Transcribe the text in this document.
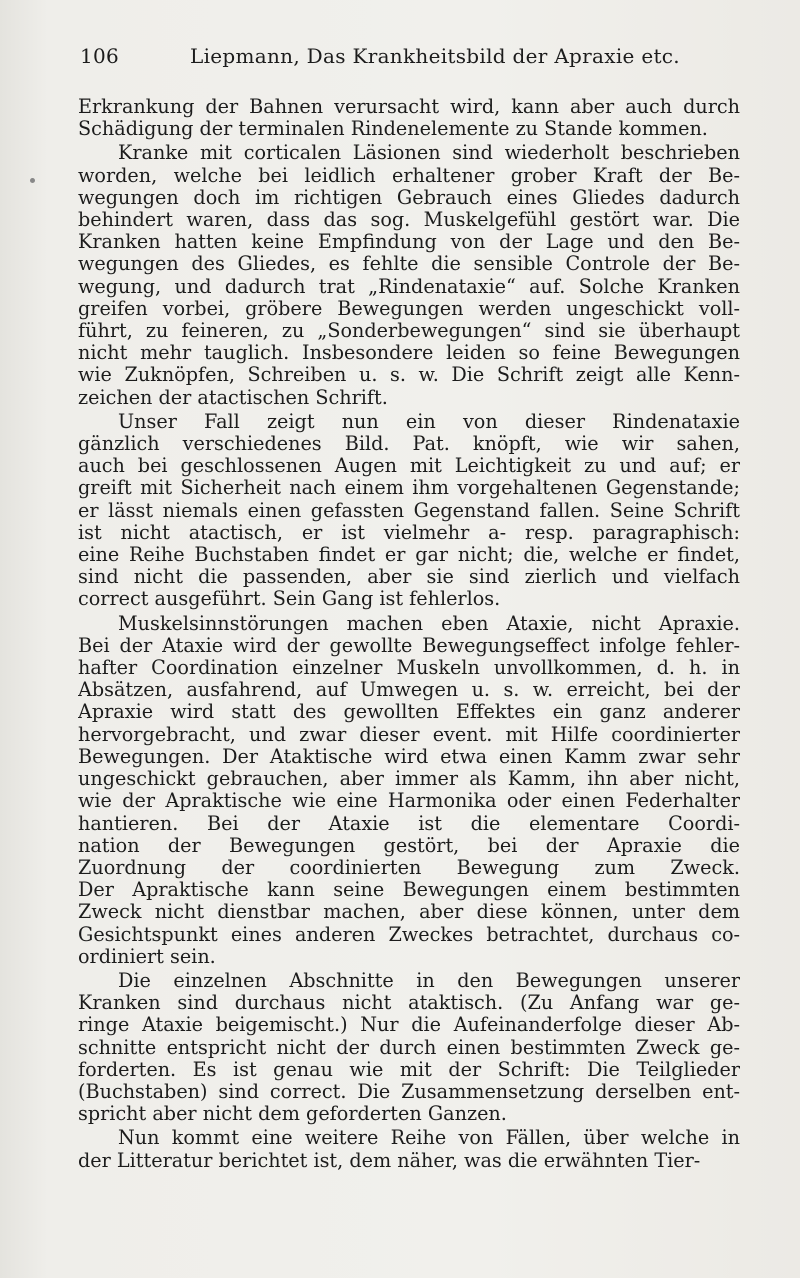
106	Liepmann, Das Krankheitsbild der Apraxie etc.
Erkrankung der Bahnen verursacht wird, kann aber auch durch
Schädigung der terminalen Rindenelemente zu Stande kommen.
Kranke mit corticalen Läsionen sind wiederholt beschrieben
worden, welche bei leidlich erhaltener grober Kraft der Be-
wegungen doch im richtigen Gebrauch eines Gliedes dadurch
behindert waren, dass das sog. Muskelgefühl gestört war. Die
Kranken hatten keine Empfindung von der Lage und den Be-
wegungen des Gliedes, es fehlte die sensible Controle der Be-
wegung, und dadurch trat „Rindenataxie“ auf. Solche Kranken
greifen vorbei, gröbere Bewegungen werden ungeschickt voll-
führt, zu feineren, zu „Sonderbewegungen“ sind sie überhaupt
nicht mehr tauglich. Insbesondere leiden so feine Bewegungen
wie Zuknöpfen, Schreiben u. s. w. Die Schrift zeigt alle Kenn-
zeichen der atactischen Schrift.
Unser Fall zeigt nun ein von dieser Rindenataxie
gänzlich verschiedenes Bild. Pat. knöpft, wie wir sahen,
auch bei geschlossenen Augen mit Leichtigkeit zu und auf; er
greift mit Sicherheit nach einem ihm vorgehaltenen Gegenstande;
er lässt niemals einen gefassten Gegenstand fallen. Seine Schrift
ist nicht atactisch, er ist vielmehr a- resp. paragraphisch:
eine Reihe Buchstaben findet er gar nicht; die, welche er findet,
sind nicht die passenden, aber sie sind zierlich und vielfach
correct ausgeführt. Sein Gang ist fehlerlos.
Muskelsinnstörungen machen eben Ataxie, nicht Apraxie.
Bei der Ataxie wird der gewollte Bewegungseffect infolge fehler-
hafter Coordination einzelner Muskeln unvollkommen, d. h. in
Absätzen, ausfahrend, auf Umwegen u. s. w. erreicht, bei der
Apraxie wird statt des gewollten Effektes ein ganz anderer
hervorgebracht, und zwar dieser event. mit Hilfe coordinierter
Bewegungen. Der Ataktische wird etwa einen Kamm zwar sehr
ungeschickt gebrauchen, aber immer als Kamm, ihn aber nicht,
wie der Apraktische wie eine Harmonika oder einen Federhalter
hantieren. Bei der Ataxie ist die elementare Coordi-
nation der Bewegungen gestört, bei der Apraxie die
Zuordnung der coordinierten Bewegung zum Zweck.
Der Apraktische kann seine Bewegungen einem bestimmten
Zweck nicht dienstbar machen, aber diese können, unter dem
Gesichtspunkt eines anderen Zweckes betrachtet, durchaus co-
ordiniert sein.
Die einzelnen Abschnitte in den Bewegungen unserer
Kranken sind durchaus nicht ataktisch. (Zu Anfang war ge-
ringe Ataxie beigemischt.) Nur die Aufeinanderfolge dieser Ab-
schnitte entspricht nicht der durch einen bestimmten Zweck ge-
forderten. Es ist genau wie mit der Schrift: Die Teilglieder
(Buchstaben) sind correct. Die Zusammensetzung derselben ent-
spricht aber nicht dem geforderten Ganzen.
Nun kommt eine weitere Reihe von Fällen, über welche in
der Litteratur berichtet ist, dem näher, was die erwähnten Tier-
